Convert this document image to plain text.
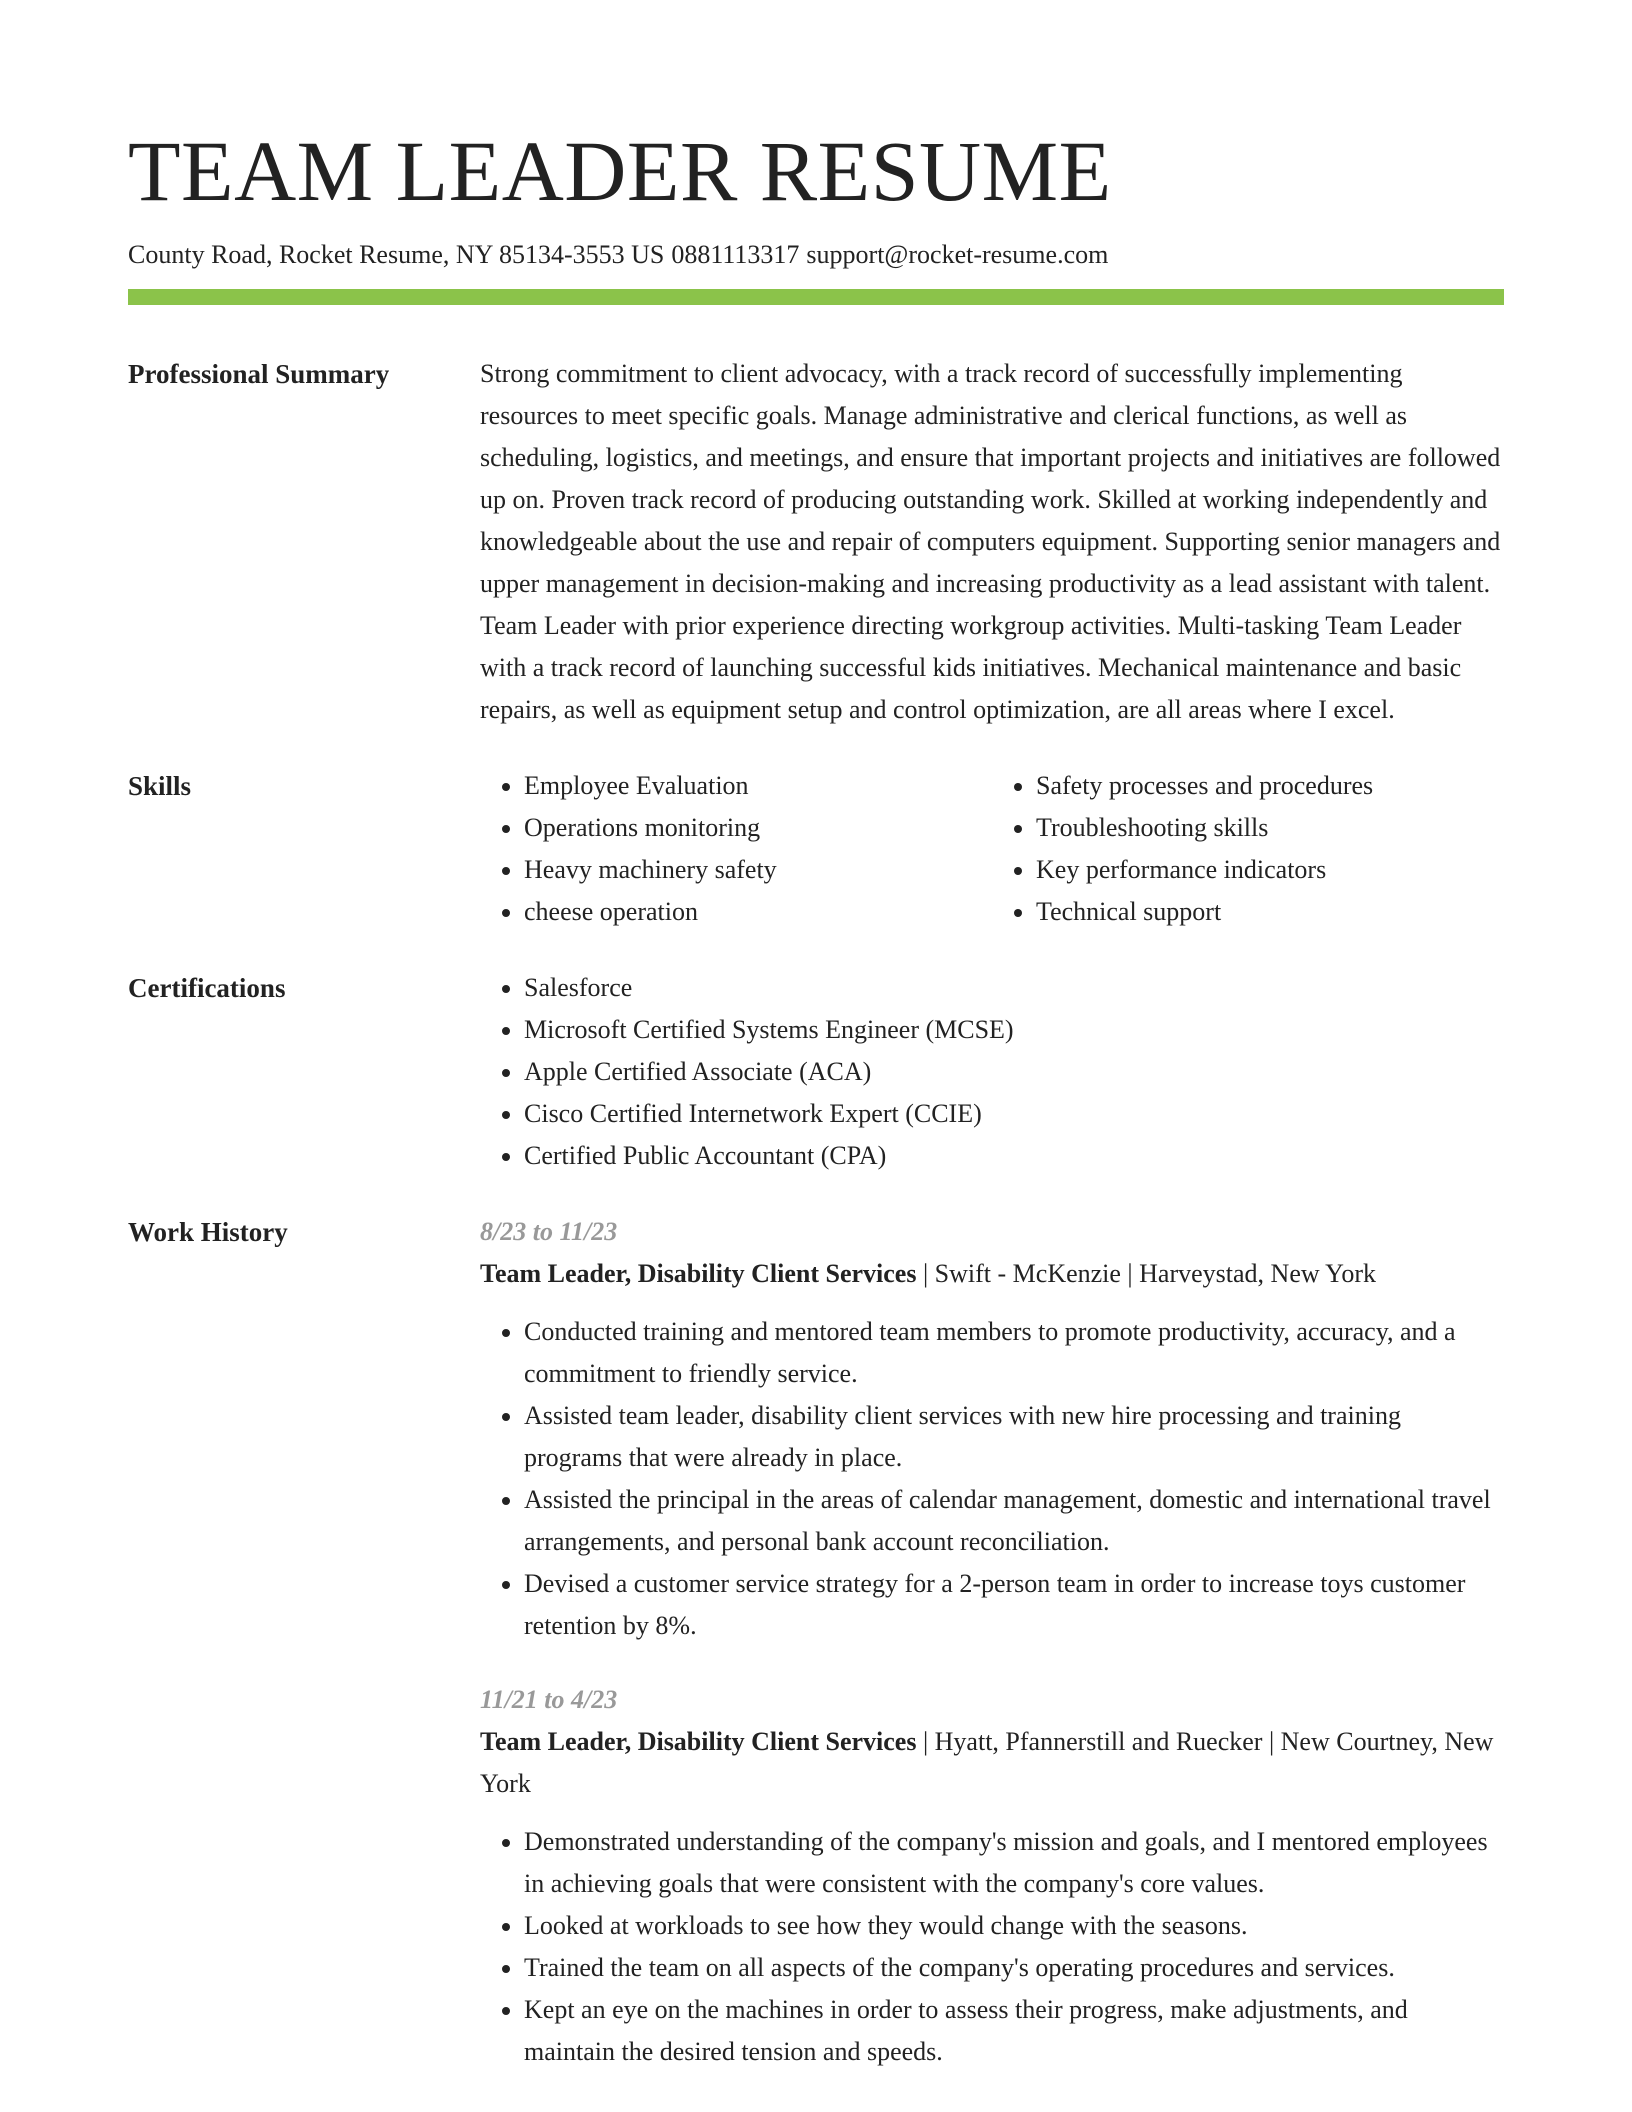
TEAM LEADER RESUME
County Road, Rocket Resume, NY 85134-3553 US 0881113317 support@rocket-resume.com
Professional Summary	Strong commitment to client advocacy, with a track record of successfully implementing resources to meet specific goals. Manage administrative and clerical functions, as well as scheduling, logistics, and meetings, and ensure that important projects and initiatives are followed up on. Proven track record of producing outstanding work. Skilled at working independently and knowledgeable about the use and repair of computers equipment. Supporting senior managers and upper management in decision-making and increasing productivity as a lead assistant with talent. Team Leader with prior experience directing workgroup activities. Multi-tasking Team Leader with a track record of launching successful kids initiatives. Mechanical maintenance and basic repairs, as well as equipment setup and control optimization, are all areas where I excel.

Skills	• Employee Evaluation
• Operations monitoring
• Heavy machinery safety
• cheese operation
• Safety processes and procedures
• Troubleshooting skills
• Key performance indicators
• Technical support
Certifications	• Salesforce
• Microsoft Certified Systems Engineer (MCSE)
• Apple Certified Associate (ACA)
• Cisco Certified Internetwork Expert (CCIE)
• Certified Public Accountant (CPA)
Work History	8/23 to 11/23
Team Leader, Disability Client Services | Swift - McKenzie | Harveystad, New York
• Conducted training and mentored team members to promote productivity, accuracy, and a commitment to friendly service.
• Assisted team leader, disability client services with new hire processing and training programs that were already in place.
• Assisted the principal in the areas of calendar management, domestic and international travel arrangements, and personal bank account reconciliation.
• Devised a customer service strategy for a 2-person team in order to increase toys customer retention by 8%.
11/21 to 4/23
Team Leader, Disability Client Services | Hyatt, Pfannerstill and Ruecker | New Courtney, New York
• Demonstrated understanding of the company's mission and goals, and I mentored employees in achieving goals that were consistent with the company's core values.
• Looked at workloads to see how they would change with the seasons.
• Trained the team on all aspects of the company's operating procedures and services.
• Kept an eye on the machines in order to assess their progress, make adjustments, and maintain the desired tension and speeds.
